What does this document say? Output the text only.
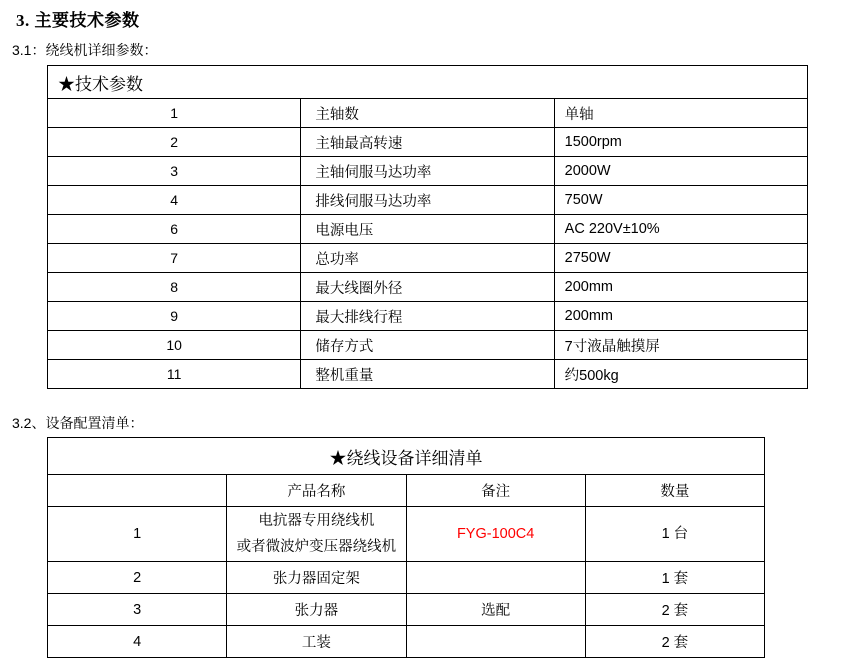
3. 主要技术参数
3.1：绕线机详细参数：
★技术参数		
1	主轴数	单轴
2	主轴最高转速	1500rpm
3	主轴伺服马达功率	2000W
4	排线伺服马达功率	750W
6	电源电压	AC 220V±10%
7	总功率	2750W
8	最大线圈外径	200mm
9	最大排线行程	200mm
10	储存方式	7寸液晶触摸屏
11	整机重量	约500kg
3.2、设备配置清单：
★绕线设备详细清单			
	产品名称	备注	数量
1	电抗器专用绕线机
或者微波炉变压器绕线机	FYG-100C4	1 台
2	张力器固定架		1 套
3	张力器	选配	2 套
4	工装		2 套
